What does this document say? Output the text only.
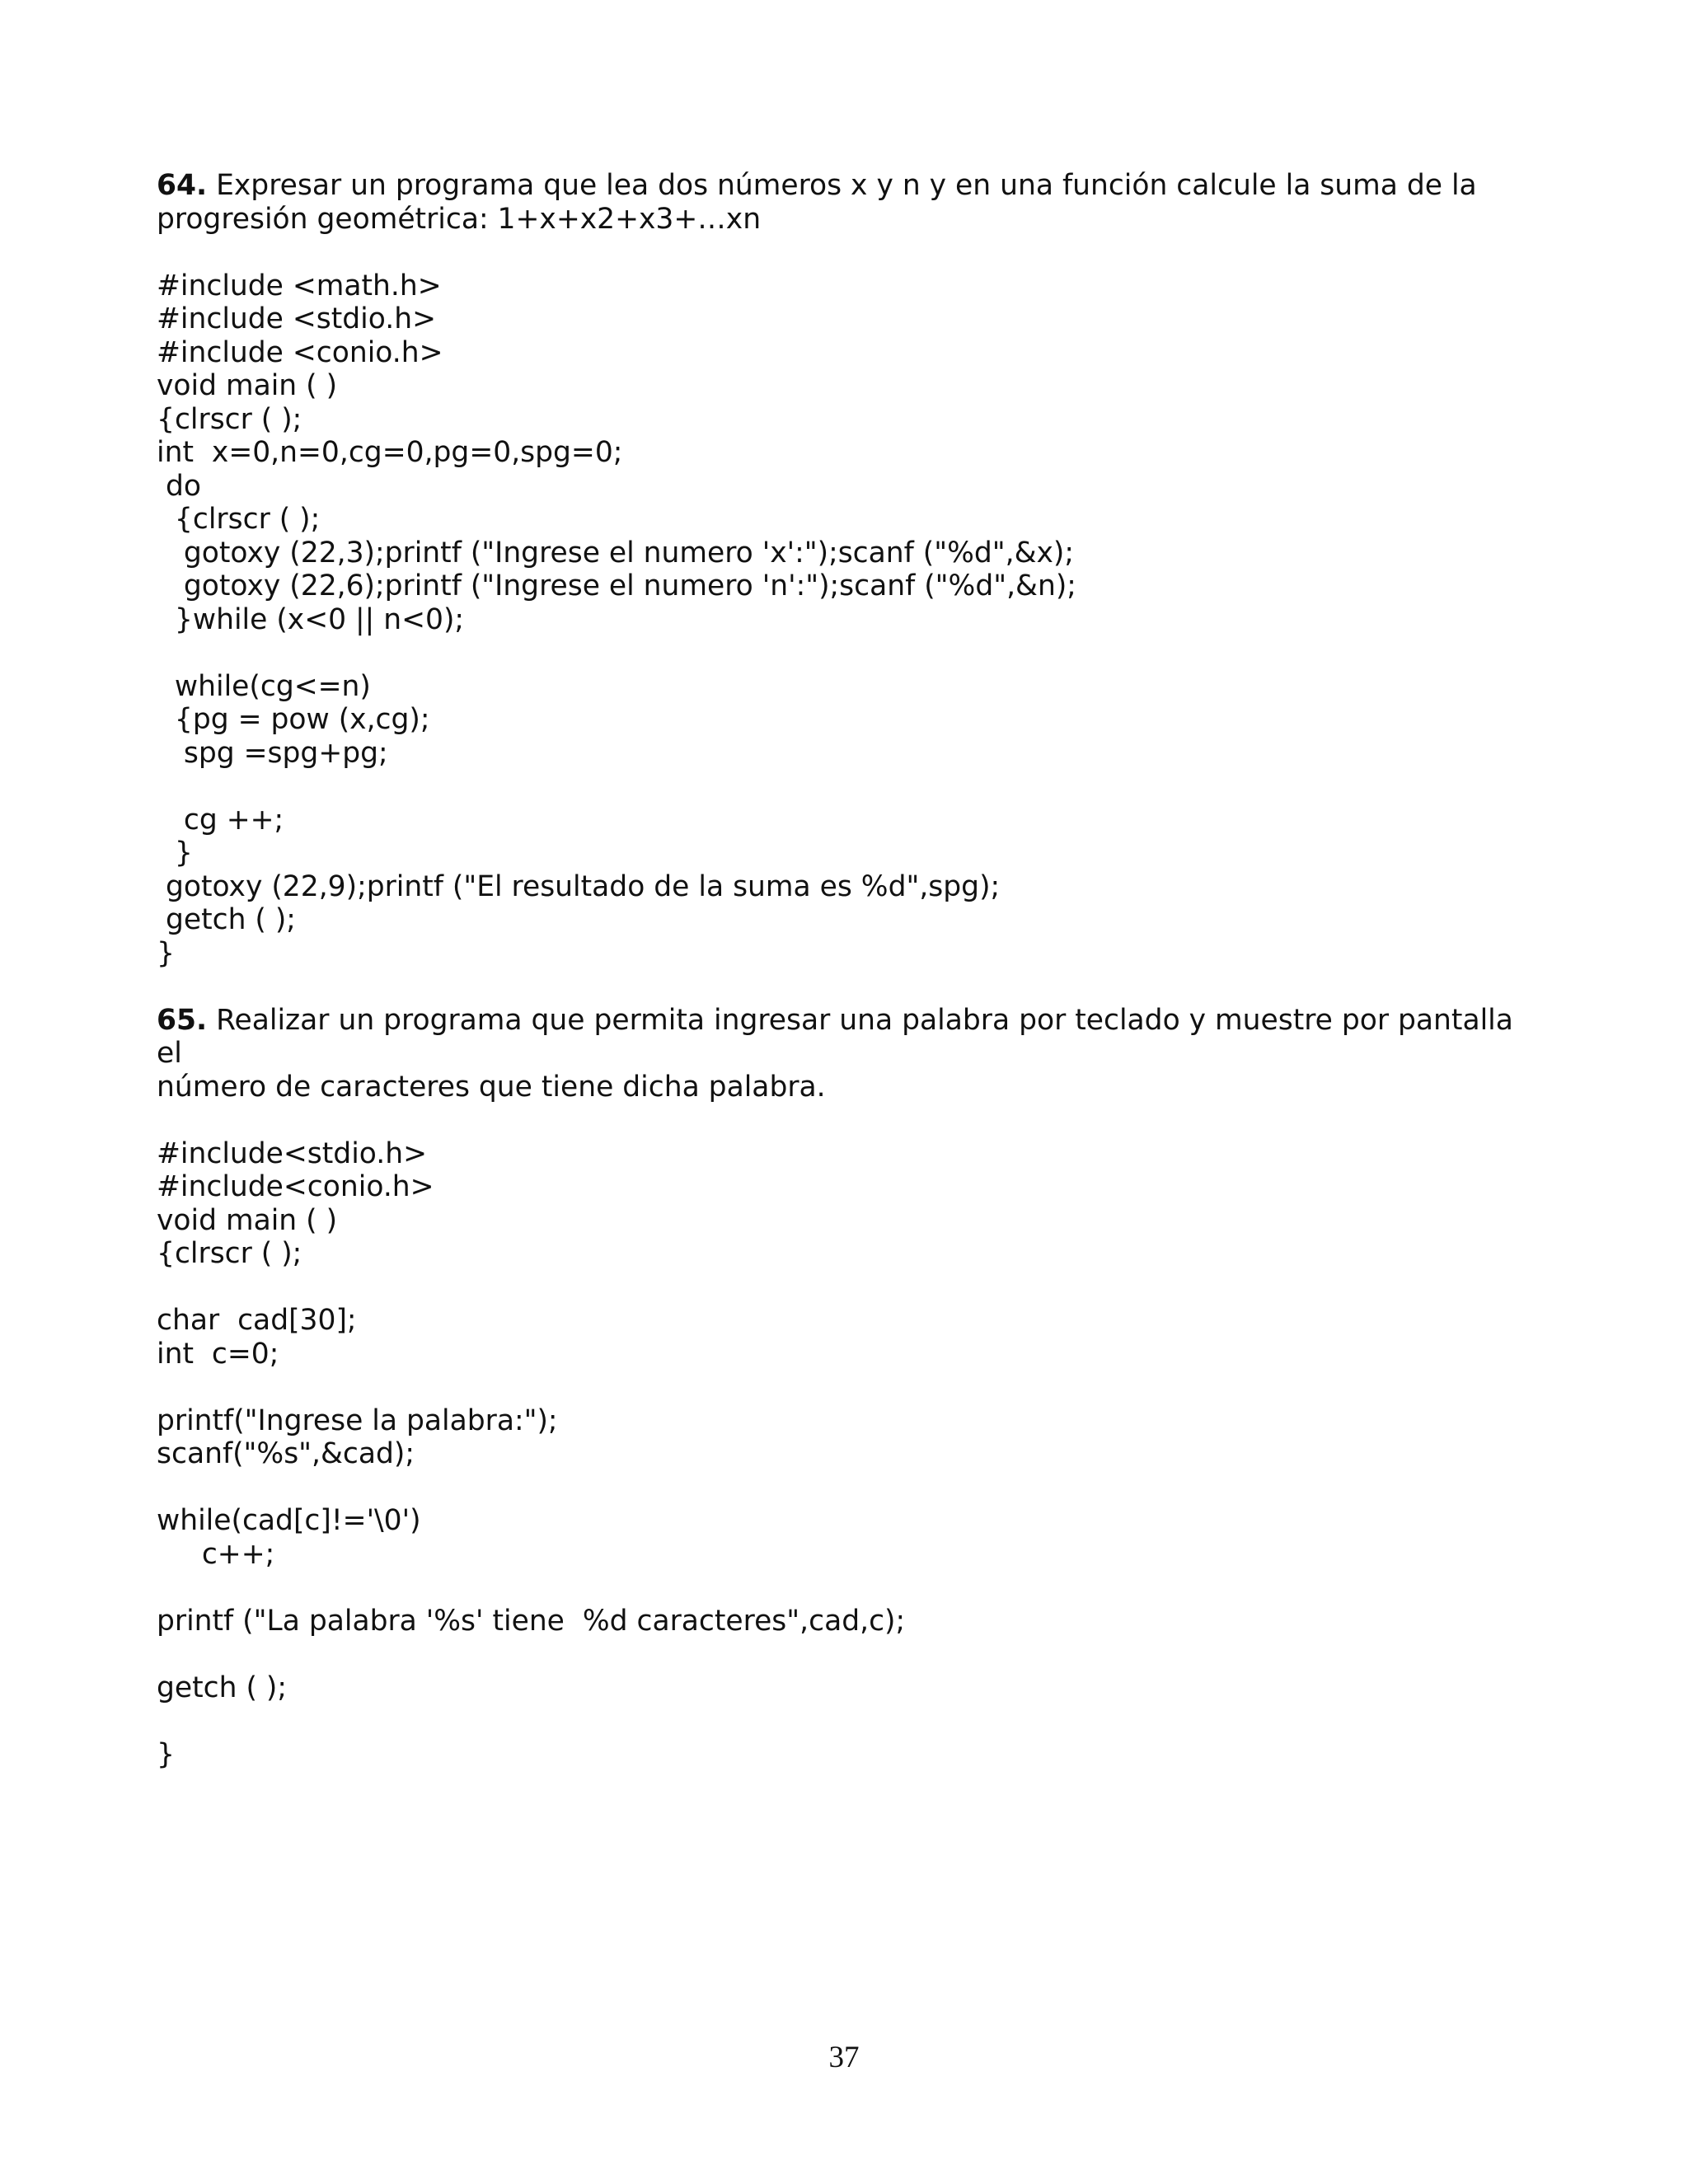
64. Expresar un programa que lea dos números x y n y en una función calcule la suma de la
progresión geométrica: 1+x+x2+x3+…xn

#include <math.h>
#include <stdio.h>
#include <conio.h>
void main ( )
{clrscr ( );
int  x=0,n=0,cg=0,pg=0,spg=0;
do
{clrscr ( );
gotoxy (22,3);printf ("Ingrese el numero 'x':");scanf ("%d",&x);
gotoxy (22,6);printf ("Ingrese el numero 'n':");scanf ("%d",&n);
}while (x<0 || n<0);
while(cg<=n)
{pg = pow (x,cg);
spg =spg+pg;
cg ++;
}
gotoxy (22,9);printf ("El resultado de la suma es %d",spg);
getch ( );
}

65. Realizar un programa que permita ingresar una palabra por teclado y muestre por pantalla el
número de caracteres que tiene dicha palabra.

#include<stdio.h>
#include<conio.h>
void main ( )
{clrscr ( );
char  cad[30];
int  c=0;
printf("Ingrese la palabra:");
scanf("%s",&cad);
while(cad[c]!='\0')
c++;
printf ("La palabra '%s' tiene  %d caracteres",cad,c);
getch ( );
}
37
